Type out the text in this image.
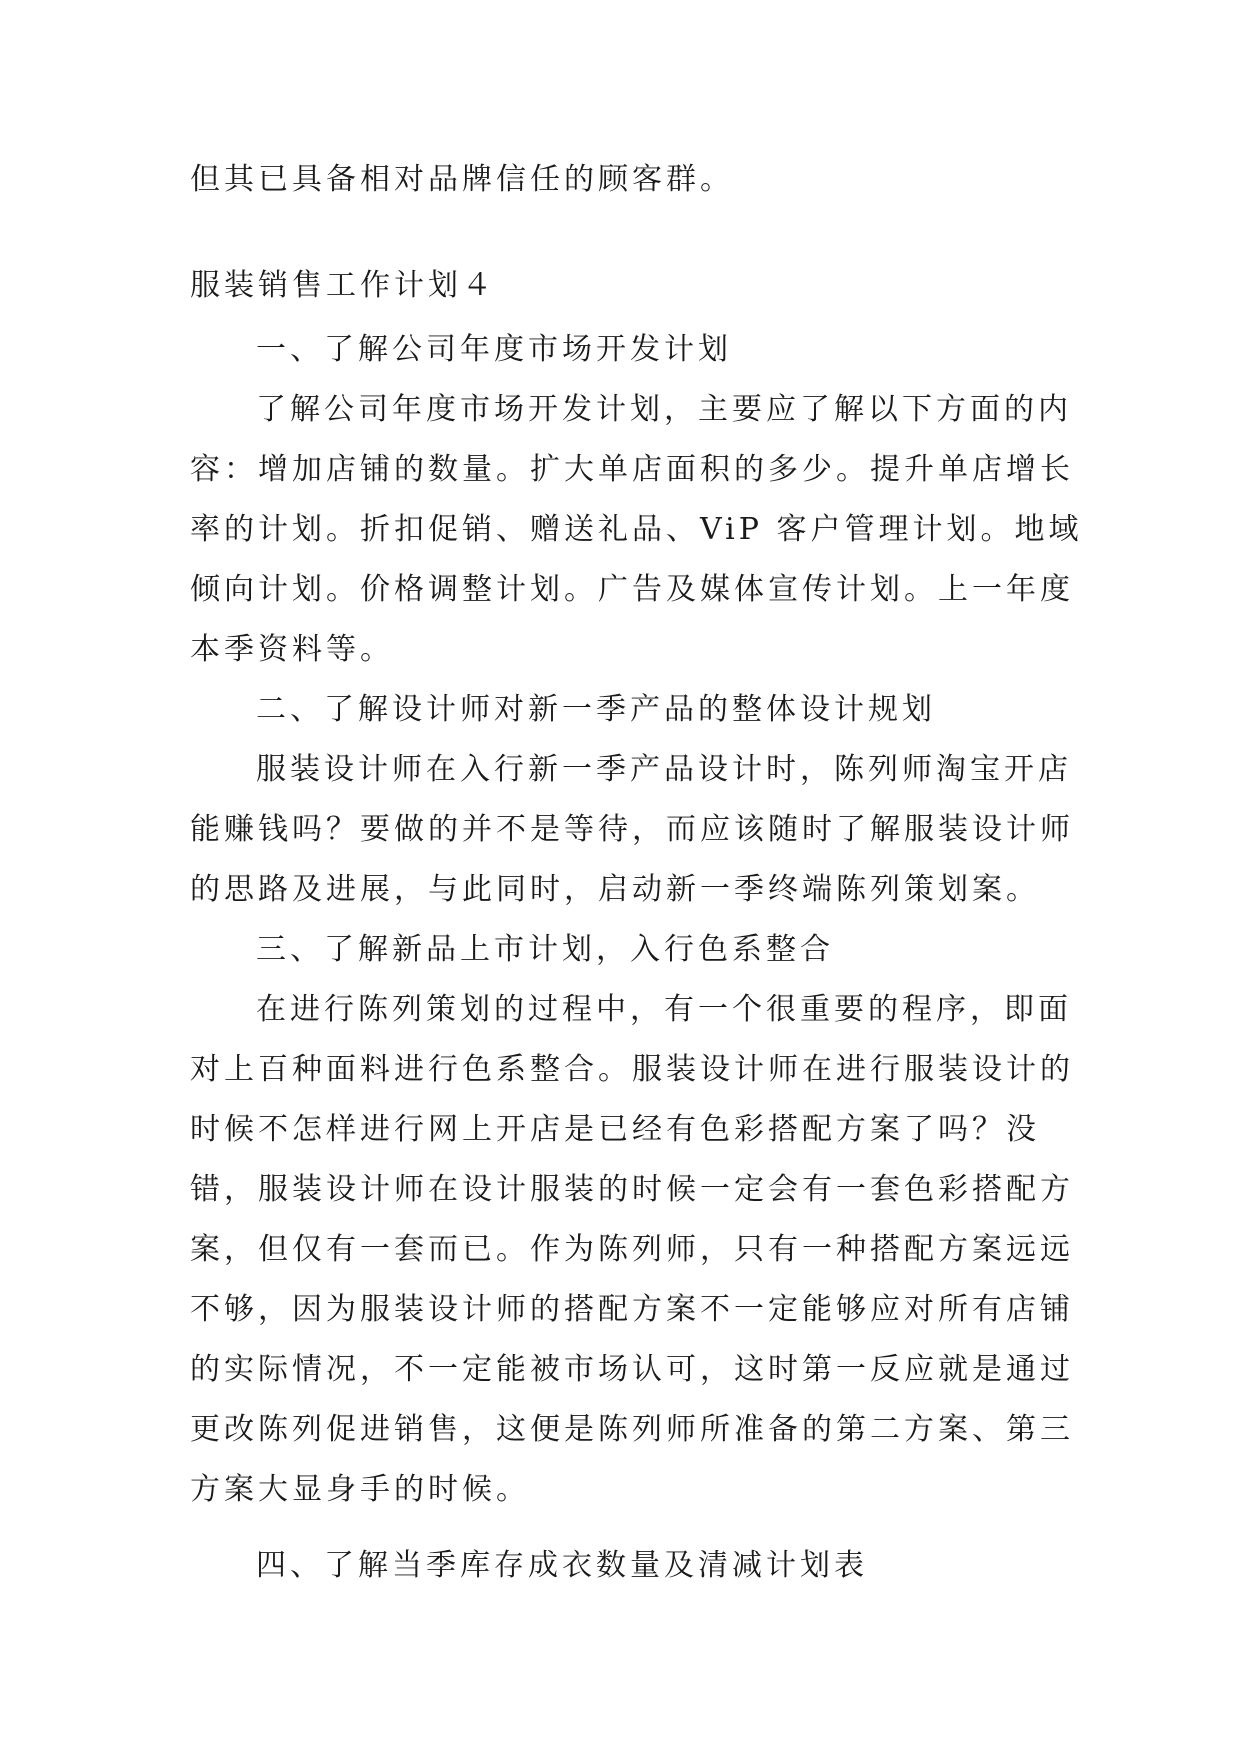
但其已具备相对品牌信任的顾客群。

服装销售工作计划４

一、了解公司年度市场开发计划

了解公司年度市场开发计划，主要应了解以下方面的内

容：增加店铺的数量。扩大单店面积的多少。提升单店增长

率的计划。折扣促销、赠送礼品、ViP 客户管理计划。地域

倾向计划。价格调整计划。广告及媒体宣传计划。上一年度

本季资料等。

二、了解设计师对新一季产品的整体设计规划

服装设计师在入行新一季产品设计时，陈列师淘宝开店

能赚钱吗？要做的并不是等待，而应该随时了解服装设计师

的思路及进展，与此同时，启动新一季终端陈列策划案。

三、了解新品上市计划，入行色系整合

在进行陈列策划的过程中，有一个很重要的程序，即面

对上百种面料进行色系整合。服装设计师在进行服装设计的

时候不怎样进行网上开店是已经有色彩搭配方案了吗？没

错，服装设计师在设计服装的时候一定会有一套色彩搭配方

案，但仅有一套而已。作为陈列师，只有一种搭配方案远远

不够，因为服装设计师的搭配方案不一定能够应对所有店铺

的实际情况，不一定能被市场认可，这时第一反应就是通过

更改陈列促进销售，这便是陈列师所准备的第二方案、第三

方案大显身手的时候。

四、了解当季库存成衣数量及清减计划表
